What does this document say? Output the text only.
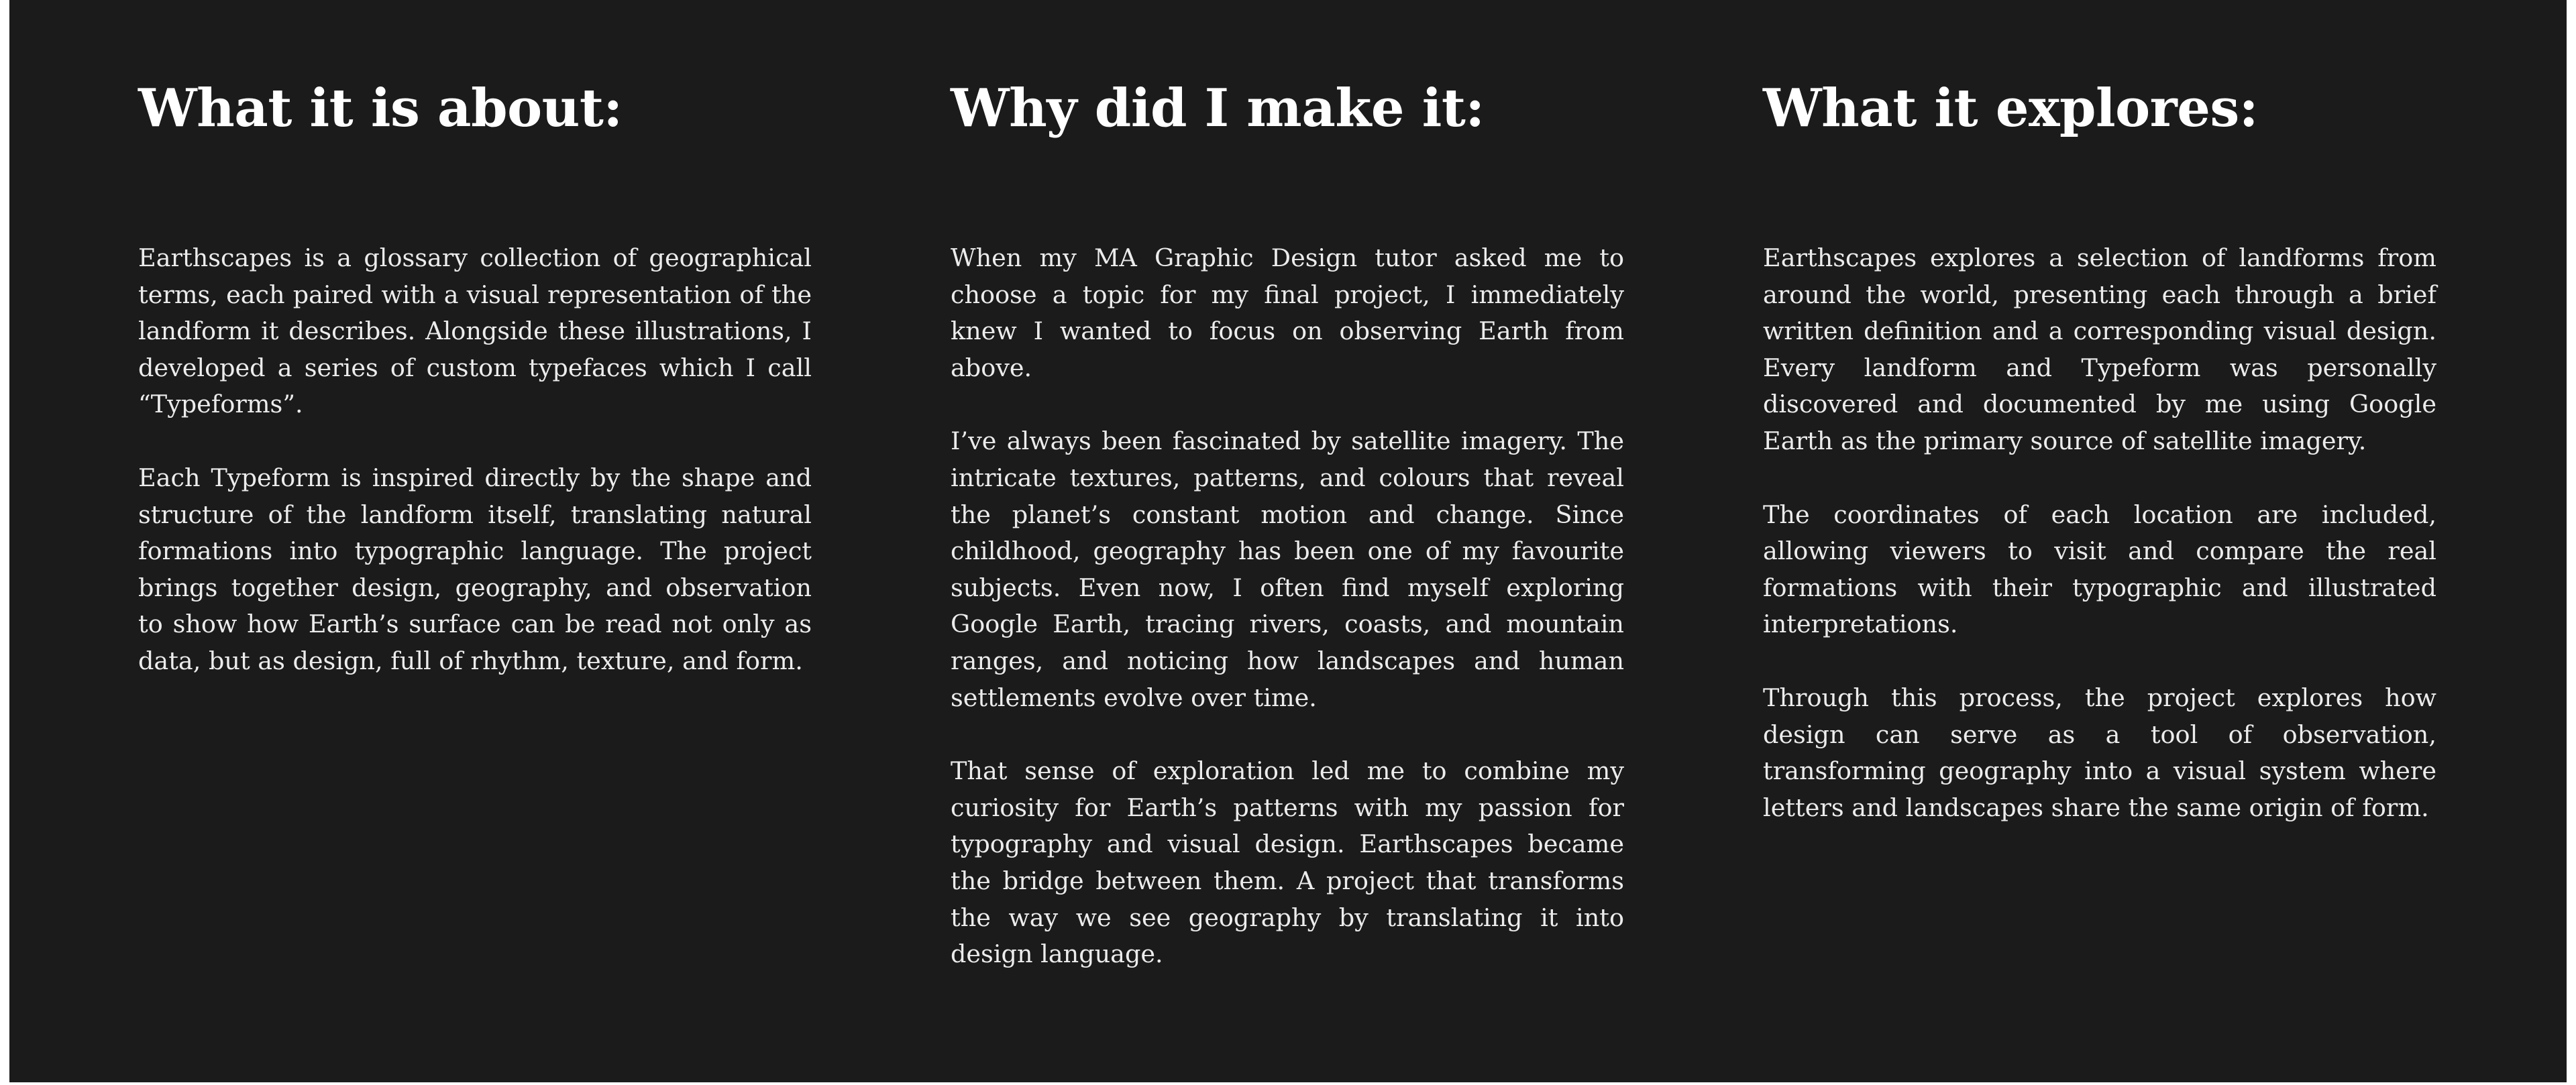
What it is about:

Earthscapes is a glossary collection of geographical terms, each paired with a visual representation of the landform it describes. Alongside these illustrations, I developed a series of custom typefaces which I call “Typeforms”.

Each Typeform is inspired directly by the shape and structure of the landform itself, translating natural formations into typographic language. The project brings together design, geography, and observation to show how Earth’s surface can be read not only as data, but as design, full of rhythm, texture, and form.

Why did I make it:

When my MA Graphic Design tutor asked me to choose a topic for my final project, I immediately knew I wanted to focus on observing Earth from above.

I’ve always been fascinated by satellite imagery. The intricate textures, patterns, and colours that reveal the planet’s constant motion and change. Since childhood, geography has been one of my favourite subjects. Even now, I often find myself exploring Google Earth, tracing rivers, coasts, and mountain ranges, and noticing how landscapes and human settlements evolve over time.

That sense of exploration led me to combine my curiosity for Earth’s patterns with my passion for typography and visual design. Earthscapes became the bridge between them. A project that transforms the way we see geography by translating it into design language.

What it explores:

Earthscapes explores a selection of landforms from around the world, presenting each through a brief written definition and a corresponding visual design. Every landform and Typeform was personally discovered and documented by me using Google Earth as the primary source of satellite imagery.

The coordinates of each location are included, allowing viewers to visit and compare the real formations with their typographic and illustrated interpretations.

Through this process, the project explores how design can serve as a tool of observation, transforming geography into a visual system where letters and landscapes share the same origin of form.
